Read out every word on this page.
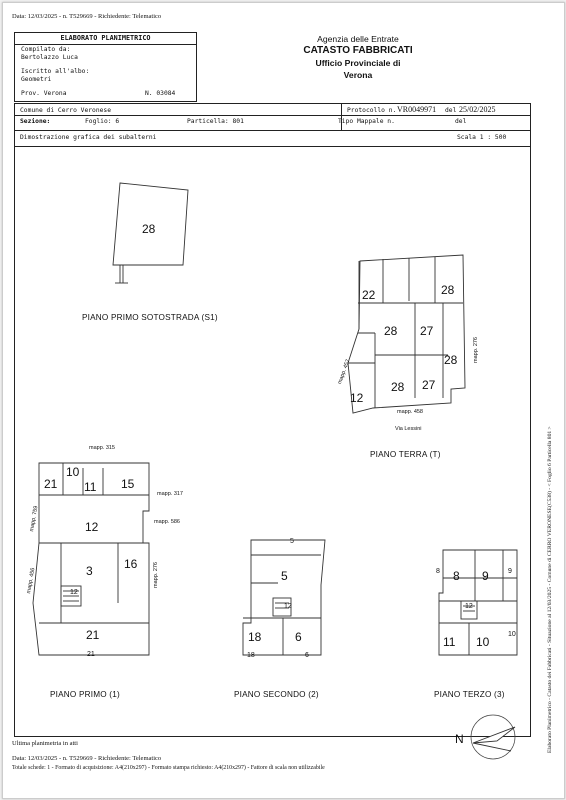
Data: 12/03/2025 - n. T529669 - Richiedente: Telematico
ELABORATO PLANIMETRICO
Compilato da:
Bertolazzo Luca
Iscritto all'albo:
Geometri
Prov. Verona	N. 03084
Agenzia delle Entrate
CATASTO FABBRICATI
Ufficio Provinciale di
Verona
Comune di Cerro Veronese	Protocollo n. VR0049971 del 25/02/2025
Sezione:	Foglio: 6	Particella: 801	Tipo Mappale n.	del
Dimostrazione grafica dei subalterni	Scala 1 : 500
28
PIANO PRIMO SOTOSTRADA (S1)
22	28
28 27
28
12
28 27
mapp. 457
mapp. 276
mapp. 458
Via Lessini
PIANO TERRA (T)
21
10
11 15
12
3	16
12
21
21
mapp. 315
mapp. 317
mapp. 586
mapp. 759
mapp. 456	mapp. 276
PIANO PRIMO (1)
5
5
12
18	6
18	6
PIANO SECONDO (2)
8 8 9	9
12
11 10
10
PIANO TERZO (3)
N
Ultima planimetria in atti
Data: 12/03/2025 - n. T529669 - Richiedente: Telematico
Totale schede: 1 - Formato di acquisizione: A4(210x297) - Formato stampa richiesto: A4(210x297) - Fattore di scala non utilizzabile
Elaborato Planimetrico - Catasto dei Fabbricati - Situazione al 12/03/2025 - Comune di CERRO VERONESE(C538) - < Foglio 6 Particella 801 >
